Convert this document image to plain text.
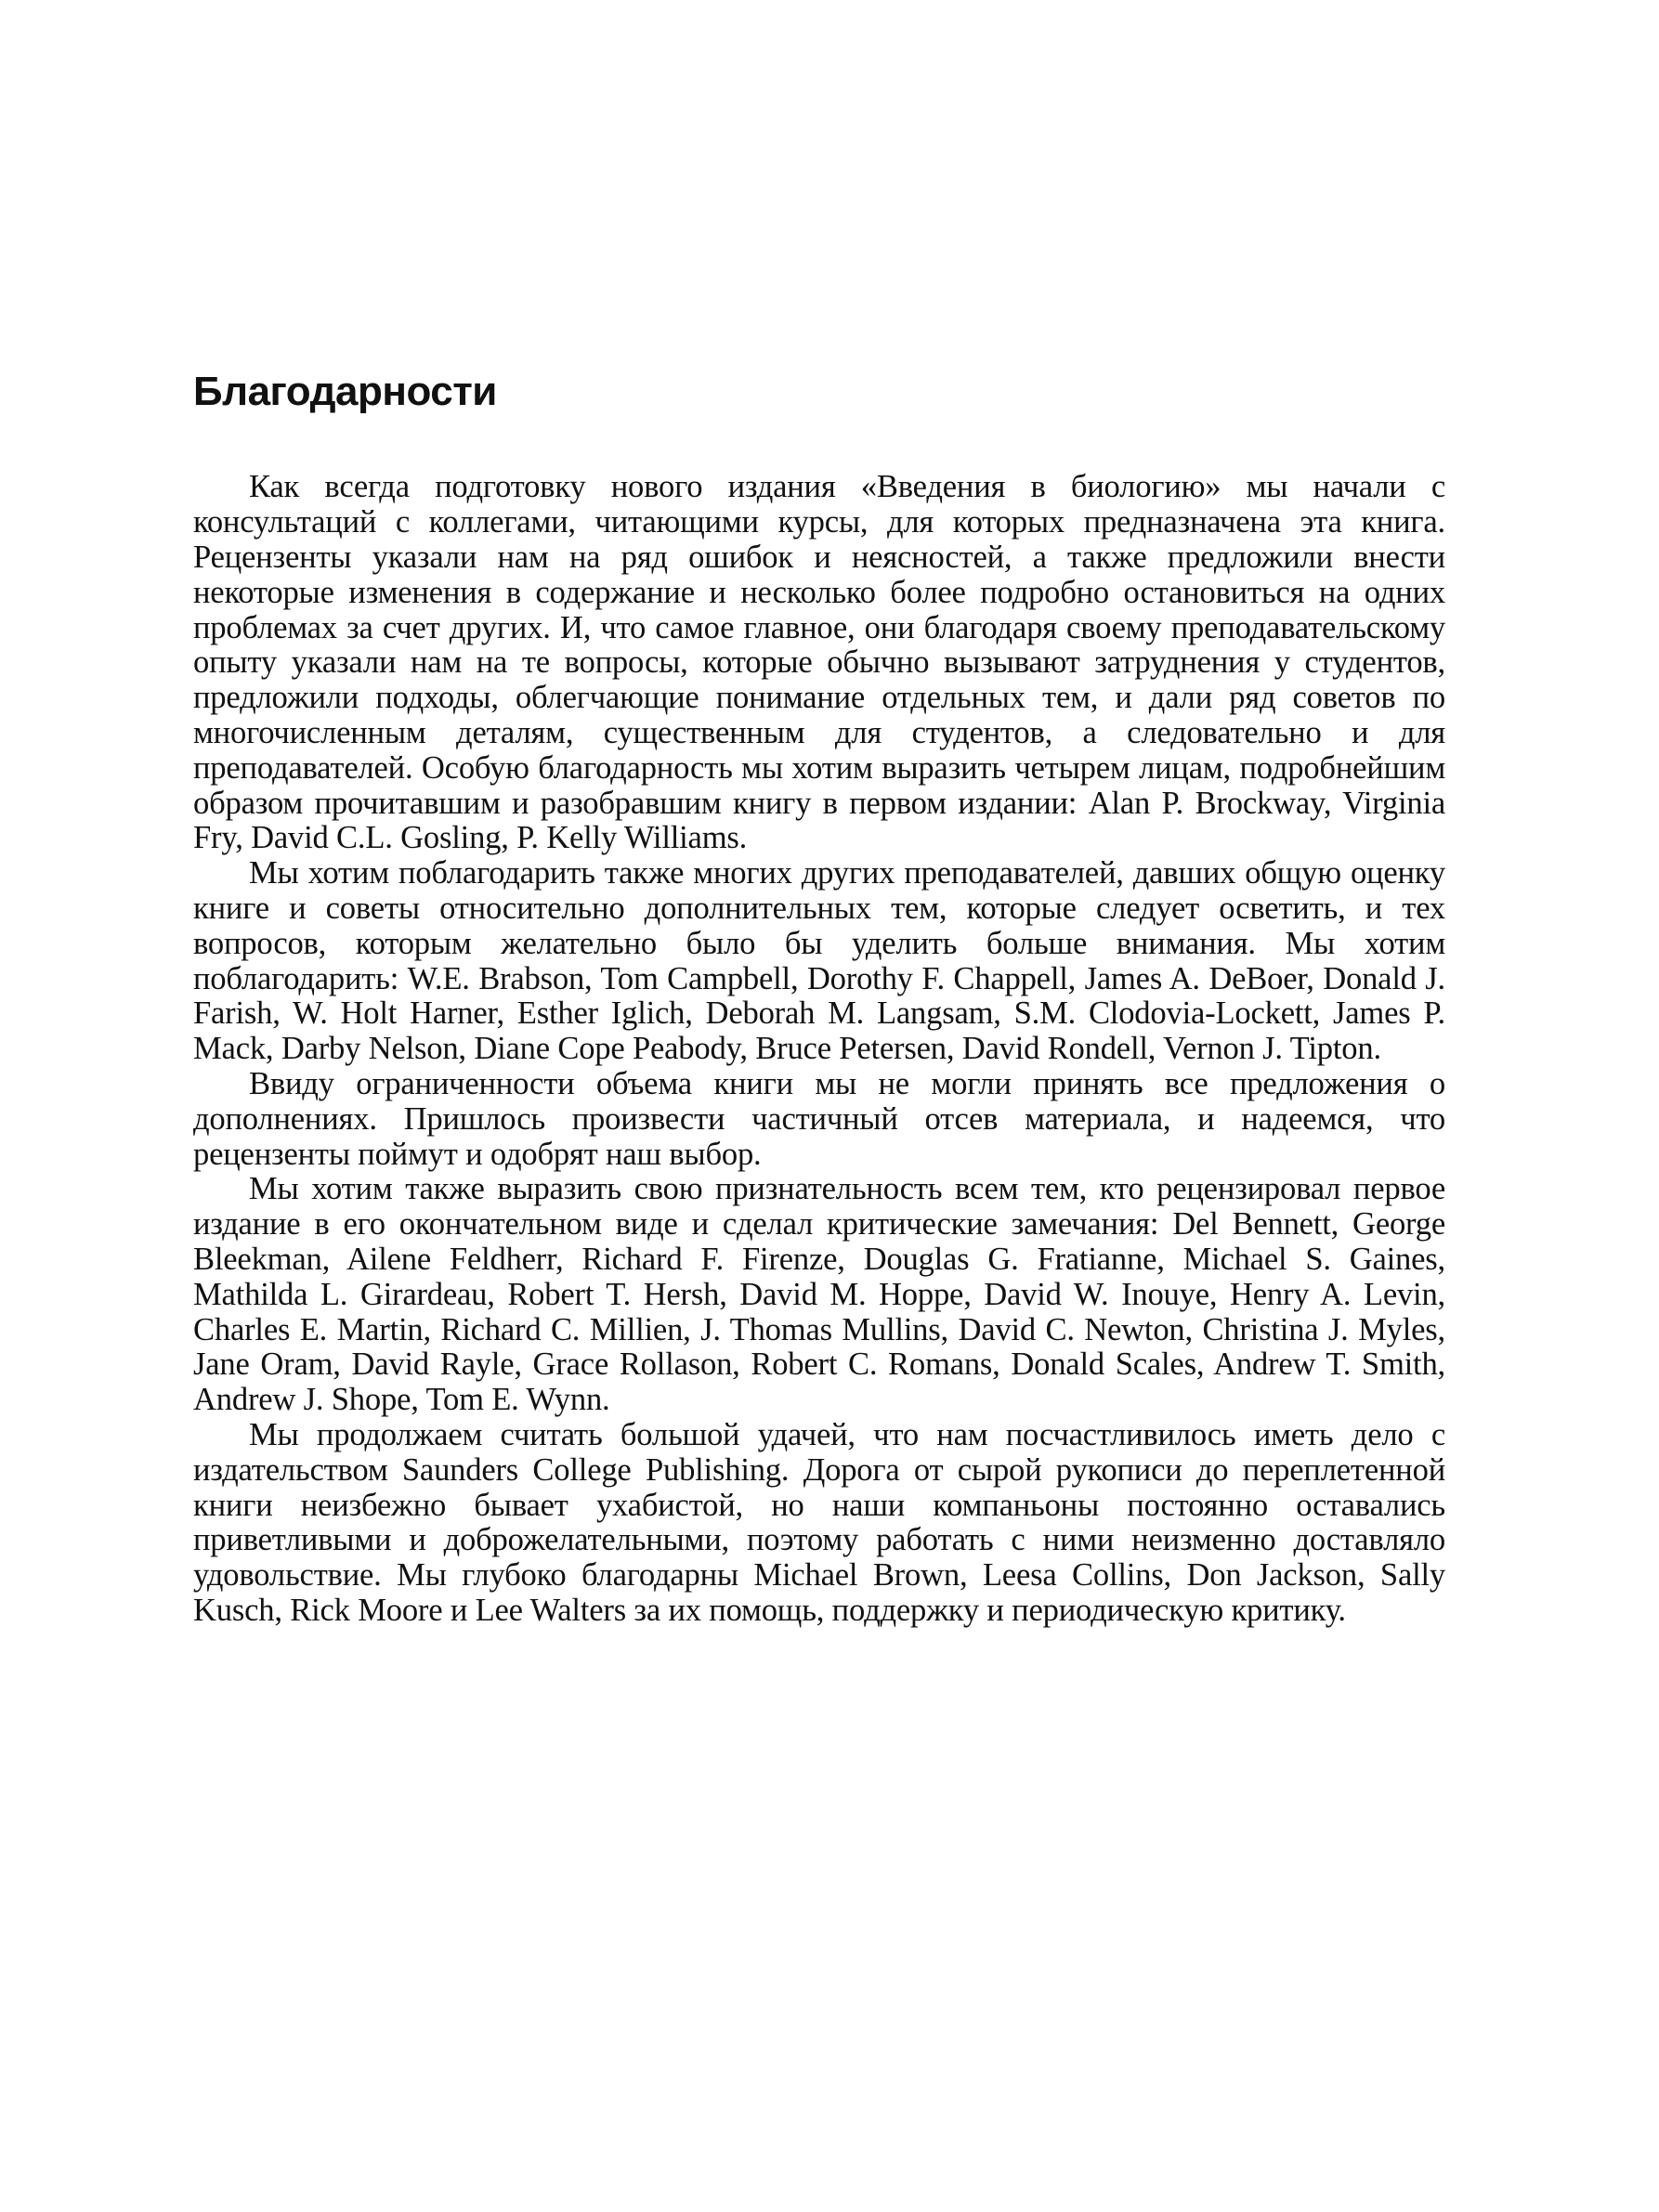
Благодарности

Как всегда подготовку нового издания «Введения в биологию» мы начали с консультаций с коллегами, читающими курсы, для которых предназначена эта книга. Рецензенты указали нам на ряд ошибок и неясностей, а также предложили внести некоторые изменения в содержание и несколько более подробно остановиться на одних проблемах за счет других. И, что самое главное, они благодаря своему преподавательскому опыту указали нам на те вопросы, которые обычно вызывают затруднения у студентов, предложили подходы, облегчающие понимание отдельных тем, и дали ряд советов по многочисленным деталям, существенным для студентов, а следовательно и для преподавателей. Особую благодарность мы хотим выразить четырем лицам, подробнейшим образом прочитавшим и разобравшим книгу в первом издании: Alan P. Brockway, Virginia Fry, David C.L. Gosling, P. Kelly Williams.

Мы хотим поблагодарить также многих других преподавателей, давших общую оценку книге и советы относительно дополнительных тем, которые следует осветить, и тех вопросов, которым желательно было бы уделить больше внимания. Мы хотим поблагодарить: W.E. Brabson, Tom Campbell, Dorothy F. Chappell, James A. DeBoer, Donald J. Farish, W. Holt Harner, Esther Iglich, Deborah M. Langsam, S.M. Clodovia-Lockett, James P. Mack, Darby Nelson, Diane Cope Peabody, Bruce Petersen, David Rondell, Vernon J. Tipton.

Ввиду ограниченности объема книги мы не могли принять все предложения о дополнениях. Пришлось произвести частичный отсев материала, и надеемся, что рецензенты поймут и одобрят наш выбор.

Мы хотим также выразить свою признательность всем тем, кто рецензировал первое издание в его окончательном виде и сделал критические замечания: Del Bennett, George Bleekman, Ailene Feldherr, Richard F. Firenze, Douglas G. Fratianne, Michael S. Gaines, Mathilda L. Girardeau, Robert T. Hersh, David M. Hoppe, David W. Inouye, Henry A. Levin, Charles E. Martin, Richard C. Millien, J. Thomas Mullins, David C. Newton, Christina J. Myles, Jane Oram, David Rayle, Grace Rollason, Robert C. Romans, Donald Scales, Andrew T. Smith, Andrew J. Shope, Tom E. Wynn.

Мы продолжаем считать большой удачей, что нам посчастливилось иметь дело с издательством Saunders College Publishing. Дорога от сырой рукописи до переплетенной книги неизбежно бывает ухабистой, но наши компаньоны постоянно оставались приветливыми и доброжелательными, поэтому работать с ними неизменно доставляло удовольствие. Мы глубоко благодарны Michael Brown, Leesa Collins, Don Jackson, Sally Kusch, Rick Moore и Lee Walters за их помощь, поддержку и периодическую критику.
